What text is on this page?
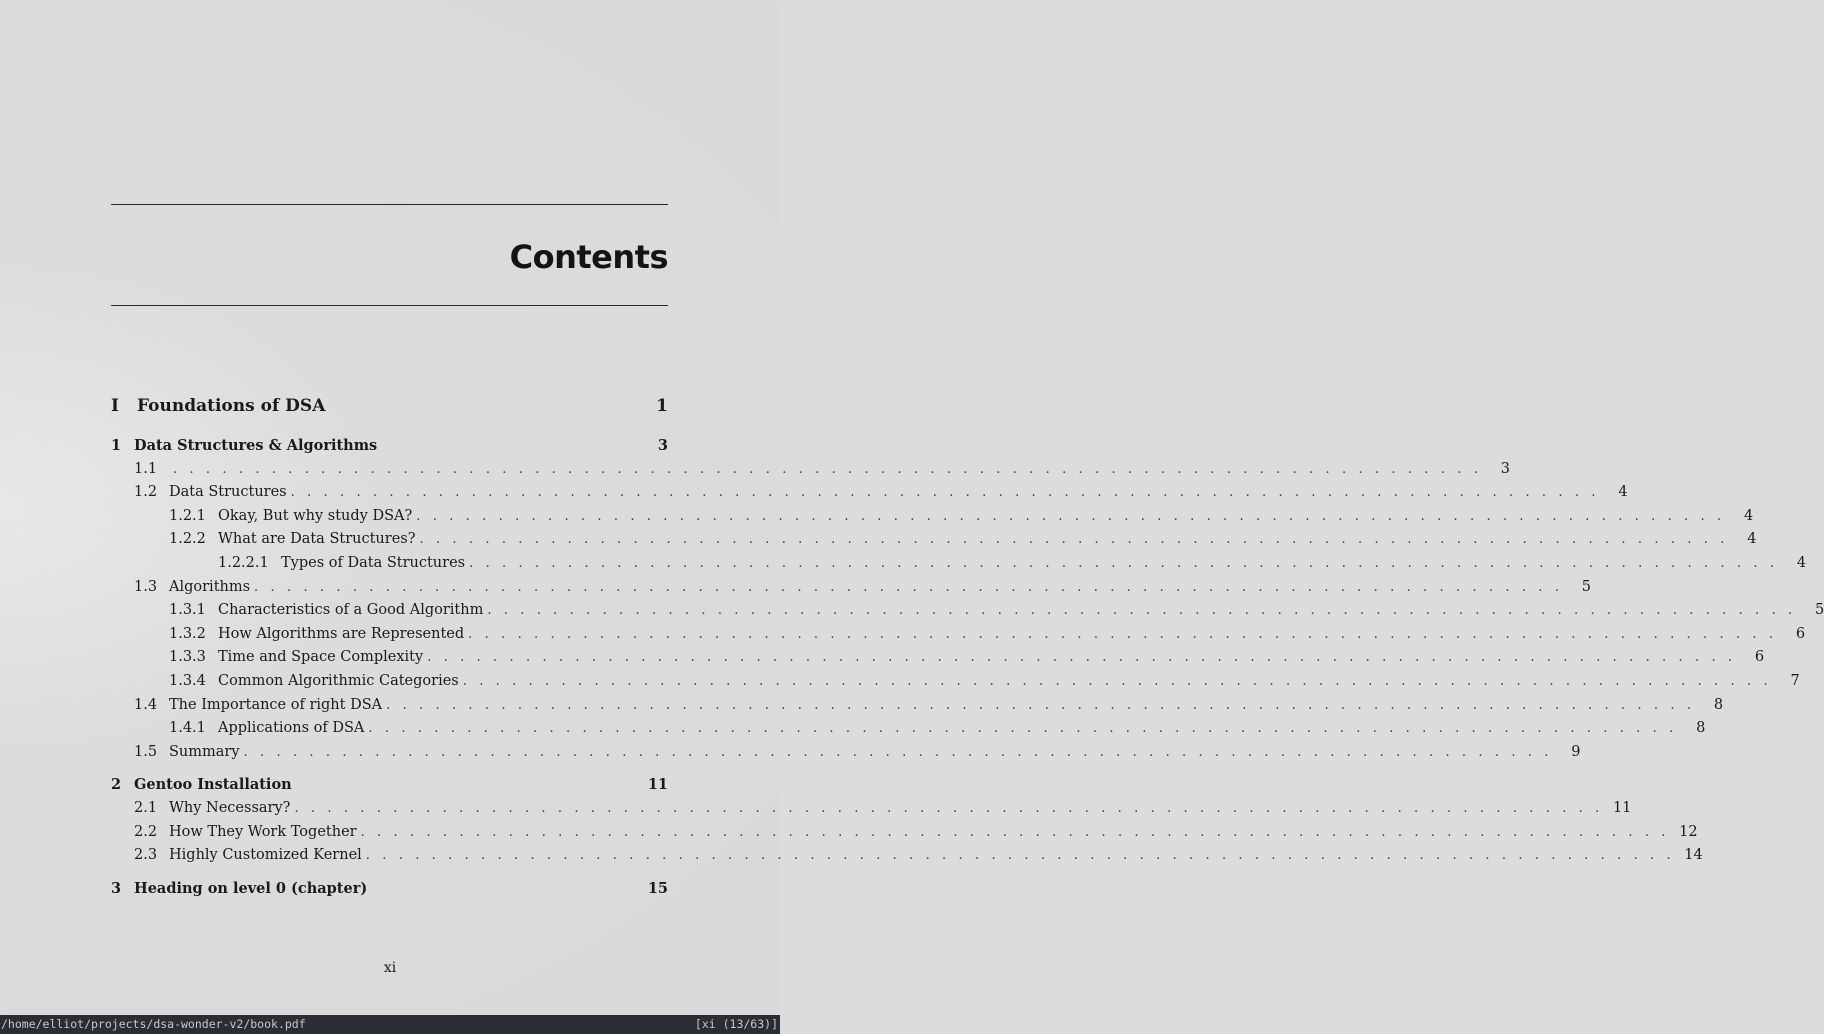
Contents
I	Foundations of DSA	1
1 Data Structures & Algorithms	3
1.1	. . . . . . . . . . . . . . . . . . . . . . . . . . . . . . . . . . . . . . . . . . . . . . . . . . . . . . . . . . . . . . . . . . . . . . . . . . . . . . . .	3
1.2 Data Structures . . . . . . . . . . . . . . . . . . . . . . . . . . . . . . . . . . . . . . . . . . . . . . . . . . . . . . . . . . . . . . . . . . . . . . . . . . . . . . . .	4
1.2.1 Okay, But why study DSA? . . . . . . . . . . . . . . . . . . . . . . . . . . . . . . . . . . . . . . . . . . . . . . . . . . . . . . . . . . . . . . . . . . . . . . . . . . . . . . . .	4
1.2.2 What are Data Structures? . . . . . . . . . . . . . . . . . . . . . . . . . . . . . . . . . . . . . . . . . . . . . . . . . . . . . . . . . . . . . . . . . . . . . . . . . . . . . . . .	4
1.2.2.1 Types of Data Structures . . . . . . . . . . . . . . . . . . . . . . . . . . . . . . . . . . . . . . . . . . . . . . . . . . . . . . . . . . . . . . . . . . . . . . . . . . . . . . . .	4
1.3 Algorithms . . . . . . . . . . . . . . . . . . . . . . . . . . . . . . . . . . . . . . . . . . . . . . . . . . . . . . . . . . . . . . . . . . . . . . . . . . . . . . . .	5
1.3.1 Characteristics of a Good Algorithm . . . . . . . . . . . . . . . . . . . . . . . . . . . . . . . . . . . . . . . . . . . . . . . . . . . . . . . . . . . . . . . . . . . . . . . . . . . . . . . .	5
1.3.2 How Algorithms are Represented . . . . . . . . . . . . . . . . . . . . . . . . . . . . . . . . . . . . . . . . . . . . . . . . . . . . . . . . . . . . . . . . . . . . . . . . . . . . . . . .	6
1.3.3 Time and Space Complexity . . . . . . . . . . . . . . . . . . . . . . . . . . . . . . . . . . . . . . . . . . . . . . . . . . . . . . . . . . . . . . . . . . . . . . . . . . . . . . . .	6
1.3.4 Common Algorithmic Categories . . . . . . . . . . . . . . . . . . . . . . . . . . . . . . . . . . . . . . . . . . . . . . . . . . . . . . . . . . . . . . . . . . . . . . . . . . . . . . . .	7
1.4 The Importance of right DSA . . . . . . . . . . . . . . . . . . . . . . . . . . . . . . . . . . . . . . . . . . . . . . . . . . . . . . . . . . . . . . . . . . . . . . . . . . . . . . . .	8
1.4.1 Applications of DSA . . . . . . . . . . . . . . . . . . . . . . . . . . . . . . . . . . . . . . . . . . . . . . . . . . . . . . . . . . . . . . . . . . . . . . . . . . . . . . . .	8
1.5 Summary . . . . . . . . . . . . . . . . . . . . . . . . . . . . . . . . . . . . . . . . . . . . . . . . . . . . . . . . . . . . . . . . . . . . . . . . . . . . . . . .	9
2 Gentoo Installation	11
2.1 Why Necessary? . . . . . . . . . . . . . . . . . . . . . . . . . . . . . . . . . . . . . . . . . . . . . . . . . . . . . . . . . . . . . . . . . . . . . . . . . . . . . . . . 11
2.2 How They Work Together . . . . . . . . . . . . . . . . . . . . . . . . . . . . . . . . . . . . . . . . . . . . . . . . . . . . . . . . . . . . . . . . . . . . . . . . . . . . . . . . 12
2.3 Highly Customized Kernel . . . . . . . . . . . . . . . . . . . . . . . . . . . . . . . . . . . . . . . . . . . . . . . . . . . . . . . . . . . . . . . . . . . . . . . . . . . . . . . . 14
3 Heading on level 0 (chapter)	15
xi
/home/elliot/projects/dsa-wonder-v2/book.pdf	[xi (13/63)]
